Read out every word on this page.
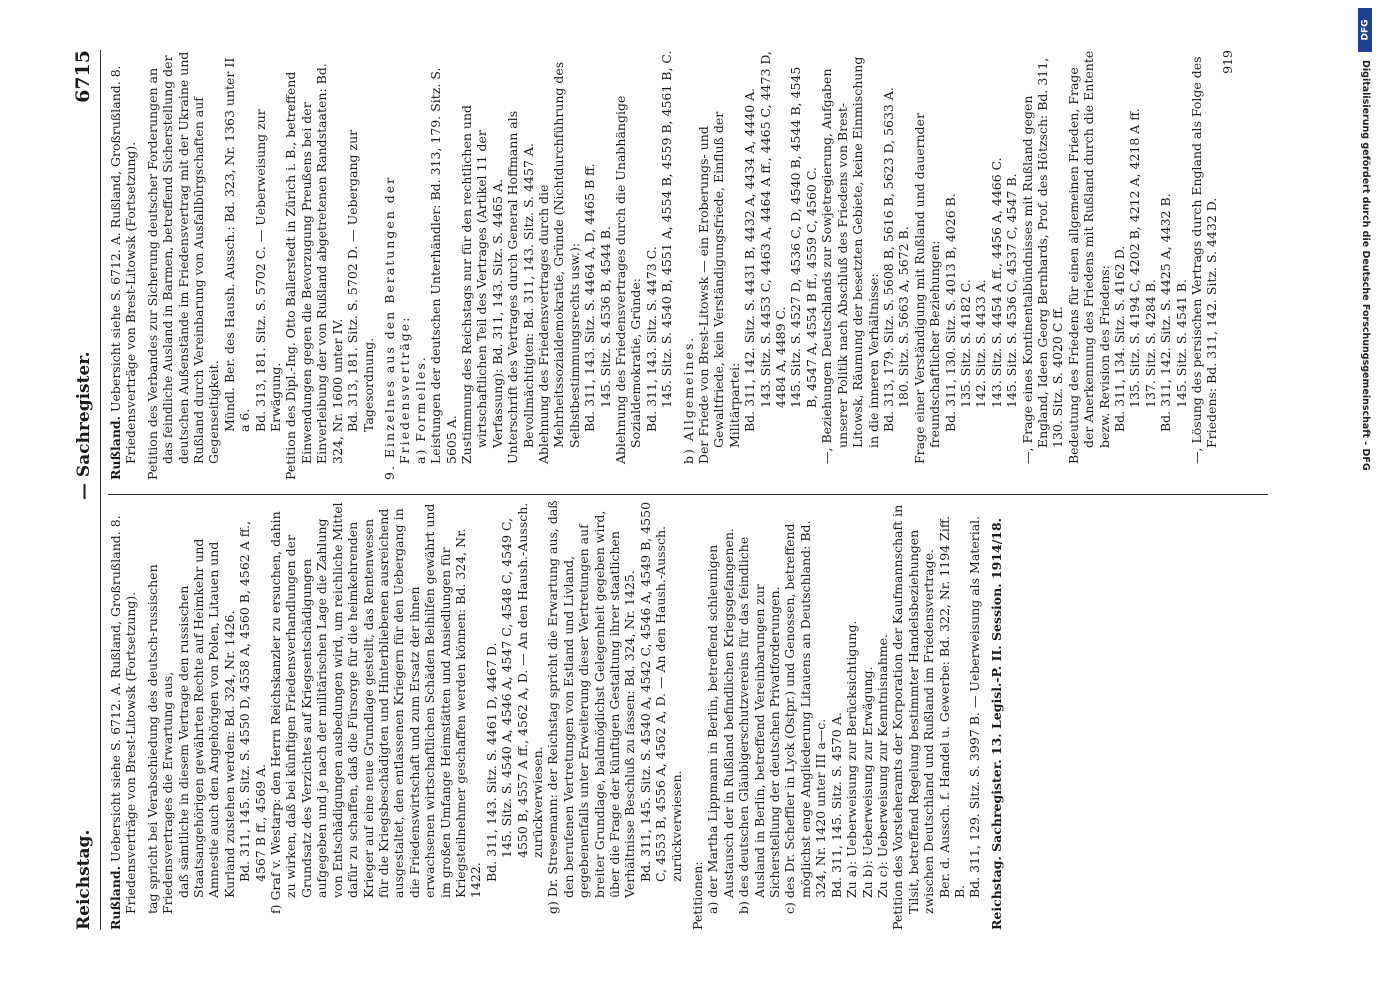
Reichstag.
— Sachregister.
6715

Rußland. Uebersicht siehe S. 6712. A. Rußland, Großrußland. 8. Friedensverträge von Brest-Litowsk (Fortsetzung). tag spricht bei Verabschiedung des deutsch-russischen Friedensvertrages die Erwartung aus, daß sämtliche in diesem Vertrage den russischen Staatsangehörigen gewährten Rechte auf Heimkehr und Amnestie auch den Angehörigen von Polen, Litauen und Kurland zustehen werden: Bd. 324, Nr. 1426. Bd. 311, 145. Sitz. S. 4550 D, 4558 A, 4560 B, 4562 A ff., 4567 B ff., 4569 A. f) Graf v. Westarp: den Herrn Reichskanzler zu ersuchen, dahin zu wirken, daß bei künftigen Friedensverhandlungen der Grundsatz des Verzichtes auf Kriegsentschädigungen aufgegeben und je nach der militärischen Lage die Zahlung von Entschädigungen ausbedungen wird, um reichliche Mittel dafür zu schaffen, daß die Fürsorge für die heimkehrenden Krieger auf eine neue Grundlage gestellt, das Rentenwesen für die Kriegsbeschädigten und Hinterbliebenen ausreichend ausgestaltet, den entlassenen Kriegern für den Uebergang in die Friedenswirtschaft und zum Ersatz der ihnen erwachsenen wirtschaftlichen Schäden Beihilfen gewährt und im großen Umfange Heimstätten und Ansiedlungen für Kriegsteilnehmer geschaffen werden können: Bd. 324, Nr. 1422. Bd. 311, 143. Sitz. S. 4461 D, 4467 D. 145. Sitz. S. 4540 A, 4546 A, 4547 C, 4548 C, 4549 C, 4550 B, 4557 A ff., 4562 A, D. — An den Haush.-Aussch. zurückverwiesen. g) Dr. Stresemann: der Reichstag spricht die Erwartung aus, daß den berufenen Vertretungen von Estland und Livland, gegebenenfalls unter Erweiterung dieser Vertretungen auf breiter Grundlage, baldmöglichst Gelegenheit gegeben wird, über die Frage der künftigen Gestaltung ihrer staatlichen Verhältnisse Beschluß zu fassen: Bd. 324, Nr. 1425. Bd. 311, 145. Sitz. S. 4540 A, 4542 C, 4546 A, 4549 B, 4550 C, 4553 B, 4556 A, 4562 A, D. — An den Haush.-Aussch. zurückverwiesen.

Petitionen: a) der Martha Lippmann in Berlin, betreffend schleunigen Austausch der in Rußland befindlichen Kriegsgefangenen. b) des deutschen Gläubigerschutzvereins für das feindliche Ausland in Berlin, betreffend Vereinbarungen zur Sicherstellung der deutschen Privatforderungen. c) des Dr. Scheffler in Lyck (Ostpr.) und Genossen, betreffend möglichst enge Angliederung Litauens an Deutschland: Bd. 324, Nr. 1420 unter III a—c. Bd. 311, 145. Sitz. S. 4570 A. Zu a): Ueberweisung zur Berücksichtigung. Zu b): Ueberweisung zur Erwägung. Zu c): Ueberweisung zur Kenntnisnahme. Petition des Vorsteheramts der Korporation der Kaufmannschaft in Tilsit, betreffend Regelung bestimmter Handelsbeziehungen zwischen Deutschland und Rußland im Friedensvertrage. Ber. d. Aussch. f. Handel u. Gewerbe: Bd. 322, Nr. 1194 Ziff. B. Bd. 311, 129. Sitz. S. 3997 B. — Ueberweisung als Material. Reichstag. Sachregister. 13. Legisl.-P. II. Session. 1914/18.

Rußland. Uebersicht siehe S. 6712. A. Rußland, Großrußland. 8. Friedensverträge von Brest-Litowsk (Fortsetzung). Petition des Verbandes zur Sicherung deutscher Forderungen an das feindliche Ausland in Barmen, betreffend Sicherstellung der deutschen Außenstände im Friedensvertrag mit der Ukraine und Rußland durch Vereinbarung von Ausfallbürgschaften auf Gegenseitigkeit. Mündl. Ber. des Haush. Aussch.: Bd. 323, Nr. 1363 unter II a 6. Bd. 313, 181. Sitz. S. 5702 C. — Ueberweisung zur Erwägung. Petition des Dipl.-Ing. Otto Ballerstedt in Zürich i. B., betreffend Einwendungen gegen die Bevorzugung Preußens bei der Einverleibung der von Rußland abgetretenen Randstaaten: Bd. 324, Nr. 1600 unter IV. Bd. 313, 181. Sitz. S. 5702 D. — Uebergang zur Tagesordnung. 9. Einzelnes aus den Beratungen der Friedensverträge: a) Formelles. Leistungen der deutschen Unterhändler: Bd. 313, 179. Sitz. S. 5605 A. Zustimmung des Reichstags nur für den rechtlichen und wirtschaftlichen Teil des Vertrages (Artikel 11 der Verfassung): Bd. 311, 143. Sitz. S. 4465 A. Unterschrift des Vertrages durch General Hoffmann als Bevollmächtigten: Bd. 311, 143. Sitz. S. 4457 A. Ablehnung des Friedensvertrages durch die Mehrheitssozialdemokratie, Gründe (Nichtdurchführung des Selbstbestimmungsrechts usw.): Bd. 311, 143. Sitz. S. 4464 A, D, 4465 B ff. 145. Sitz. S. 4536 B, 4544 B. Ablehnung des Friedensvertrages durch die Unabhängige Sozialdemokratie, Gründe: Bd. 311, 143. Sitz. S. 4473 C. 145. Sitz. S. 4540 B, 4551 A, 4554 B, 4559 B, 4561 B, C. b) Allgemeines. Der Friede von Brest-Litowsk — ein Eroberungs- und Gewaltfriede, kein Verständigungsfriede, Einfluß der Militärpartei: Bd. 311, 142. Sitz. S. 4431 B, 4432 A, 4434 A, 4440 A. 143. Sitz. S. 4453 C, 4463 A, 4464 A ff., 4465 C, 4473 D, 4484 A, 4489 C. 145. Sitz. S. 4527 D, 4536 C, D, 4540 B, 4544 B, 4545 B, 4547 A, 4554 B ff., 4559 C, 4560 C. —, Beziehungen Deutschlands zur Sowjetregierung, Aufgaben unserer Politik nach Abschluß des Friedens von Brest-Litowsk, Räumung der besetzten Gebiete, keine Einmischung in die inneren Verhältnisse: Bd. 313, 179. Sitz. S. 5608 B, 5616 B, 5623 D, 5633 A. 180. Sitz. S. 5663 A, 5672 B. Frage einer Verständigung mit Rußland und dauernder freundschaftlicher Beziehungen: Bd. 311, 130. Sitz. S. 4013 B, 4026 B. 135. Sitz. S. 4182 C. 142. Sitz. S. 4433 A. 143. Sitz. S. 4454 A ff., 4456 A, 4466 C. 145. Sitz. S. 4536 C, 4537 C, 4547 B. —, Frage eines Kontinentalbündnisses mit Rußland gegen England, Ideen Georg Bernhards, Prof. des Hötzsch: Bd. 311, 130. Sitz. S. 4020 C ff. Bedeutung des Friedens für einen allgemeinen Frieden, Frage der Anerkennung des Friedens mit Rußland durch die Entente bezw. Revision des Friedens: Bd. 311, 134. Sitz. S. 4162 D. 135. Sitz. S. 4194 C, 4202 B, 4212 A, 4218 A ff. 137. Sitz. S. 4284 B. Bd. 311, 142. Sitz. S. 4425 A, 4432 B. 145. Sitz. S. 4541 B. —, Lösung des persischen Vertrags durch England als Folge des Friedens: Bd. 311, 142. Sitz. S. 4432 D.

919

DFG
Digitalisierung gefördert durch die Deutsche Forschungsgemeinschaft - DFG
